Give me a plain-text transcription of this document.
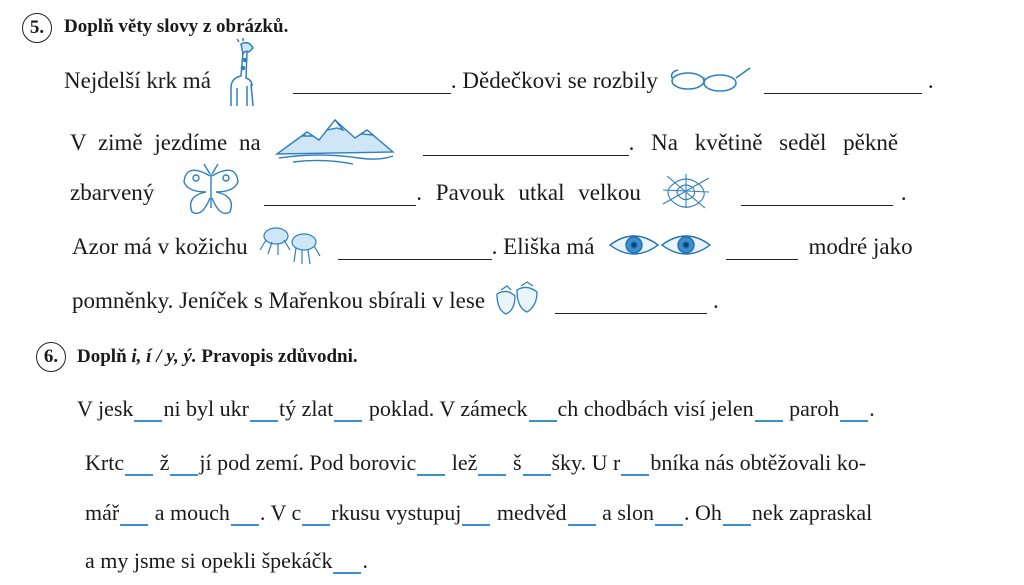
5.	Doplň věty slovy z obrázků.
Nejdelší krk má	. Dědečkovi se rozbily	.
V zimě jezdíme na	. Na květině seděl pěkně
zbarvený	. Pavouk utkal velkou	.
Azor má v kožichu	. Eliška má	modré jako
pomněnky. Jeníček s Mařenkou sbírali v lese	.
6. Doplň i, í / y, ý. Pravopis zdůvodni.
V jesk ni byl ukr tý zlat poklad. V zámeck ch chodbách visí jelen paroh .
Krtc ž jí pod zemí. Pod borovic lež š šky. U r bníka nás obtěžovali ko-
mář a mouch . V c rkusu vystupuj medvěd a slon . Oh nek zapraskal
a my jsme si opekli špekáčk .
